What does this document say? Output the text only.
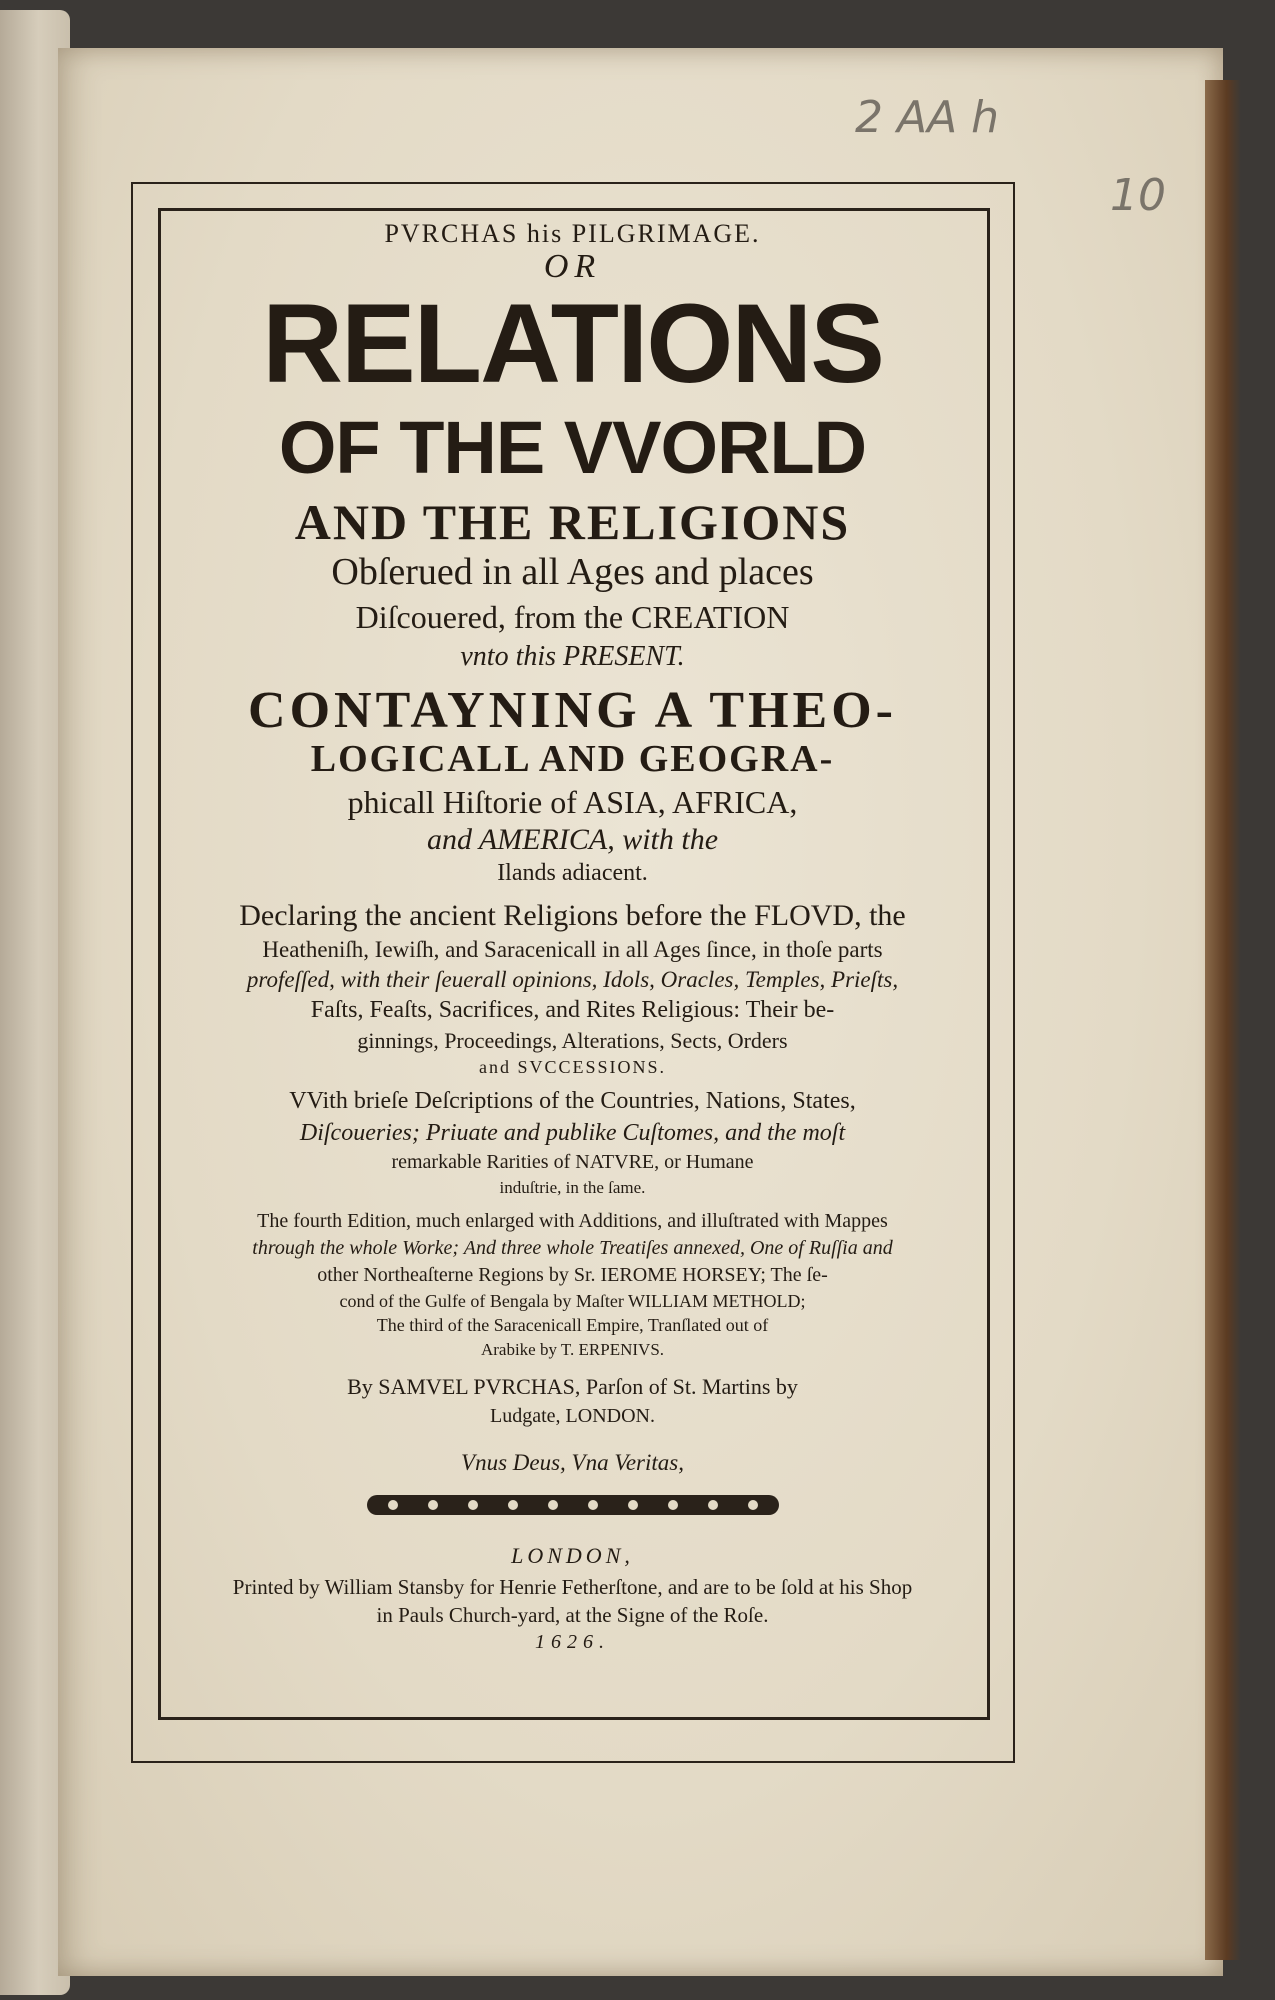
2 AA h
10
PVRCHAS his PILGRIMAGE.
OR
RELATIONS
OF THE VVORLD
AND THE RELIGIONS
Obſerued in all Ages and places
Diſcouered, from the CREATION
vnto this PRESENT.
CONTAYNING A THEO-
LOGICALL AND GEOGRA-
phicall Hiſtorie of ASIA, AFRICA,
and AMERICA, with the
Ilands adiacent.
Declaring the ancient Religions before the FLOVD, the
Heatheniſh, Iewiſh, and Saracenicall in all Ages ſince, in thoſe parts
profeſſed, with their ſeuerall opinions, Idols, Oracles, Temples, Prieſts,
Faſts, Feaſts, Sacrifices, and Rites Religious: Their be-
ginnings, Proceedings, Alterations, Sects, Orders
and SVCCESSIONS.
VVith brieſe Deſcriptions of the Countries, Nations, States,
Diſcoueries; Priuate and publike Cuſtomes, and the moſt
remarkable Rarities of NATVRE, or Humane
induſtrie, in the ſame.
The fourth Edition, much enlarged with Additions, and illuſtrated with Mappes
through the whole Worke; And three whole Treatiſes annexed, One of Ruſſia and
other Northeaſterne Regions by Sr. IEROME HORSEY; The ſe-
cond of the Gulfe of Bengala by Maſter WILLIAM METHOLD;
The third of the Saracenicall Empire, Tranſlated out of
Arabike by T. ERPENIVS.
By SAMVEL PVRCHAS, Parſon of St. Martins by
Ludgate, LONDON.
Vnus Deus, Vna Veritas,
LONDON,
Printed by William Stansby for Henrie Fetherſtone, and are to be ſold at his Shop
in Pauls Church-yard, at the Signe of the Roſe.
1626.
